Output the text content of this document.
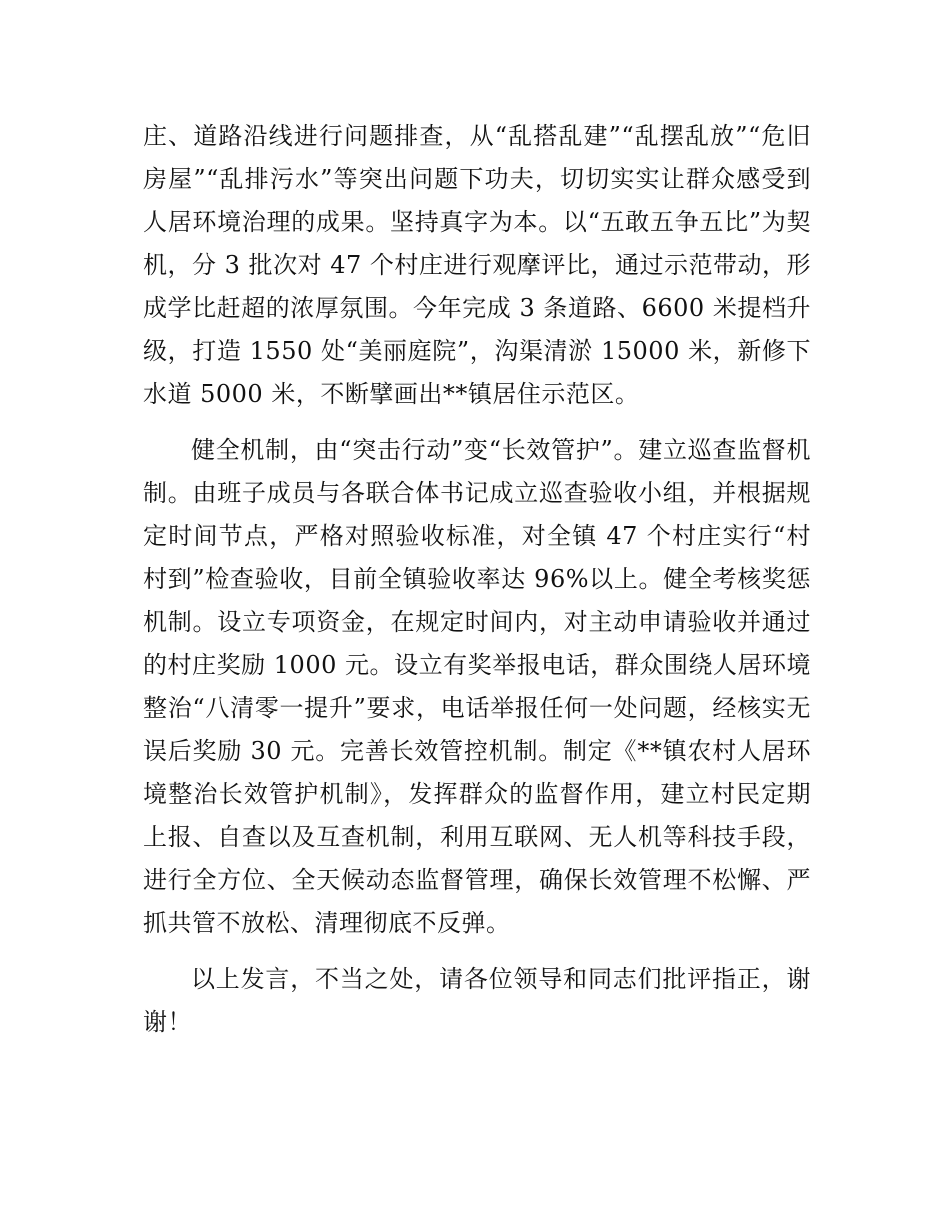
庄、道路沿线进行问题排查，从“乱搭乱建”“乱摆乱放”“危旧房屋”“乱排污水”等突出问题下功夫，切切实实让群众感受到人居环境治理的成果。坚持真字为本。以“五敢五争五比”为契机，分 3 批次对 47 个村庄进行观摩评比，通过示范带动，形成学比赶超的浓厚氛围。今年完成 3 条道路、6600 米提档升级，打造 1550 处“美丽庭院”，沟渠清淤 15000 米，新修下水道 5000 米，不断擘画出**镇居住示范区。

健全机制，由“突击行动”变“长效管护”。建立巡查监督机制。由班子成员与各联合体书记成立巡查验收小组，并根据规定时间节点，严格对照验收标准，对全镇 47 个村庄实行“村村到”检查验收，目前全镇验收率达 96%以上。健全考核奖惩机制。设立专项资金，在规定时间内，对主动申请验收并通过的村庄奖励 1000 元。设立有奖举报电话，群众围绕人居环境整治“八清零一提升”要求，电话举报任何一处问题，经核实无误后奖励 30 元。完善长效管控机制。制定《**镇农村人居环境整治长效管护机制》，发挥群众的监督作用，建立村民定期上报、自查以及互查机制，利用互联网、无人机等科技手段，进行全方位、全天候动态监督管理，确保长效管理不松懈、严抓共管不放松、清理彻底不反弹。

以上发言，不当之处，请各位领导和同志们批评指正，谢谢！
